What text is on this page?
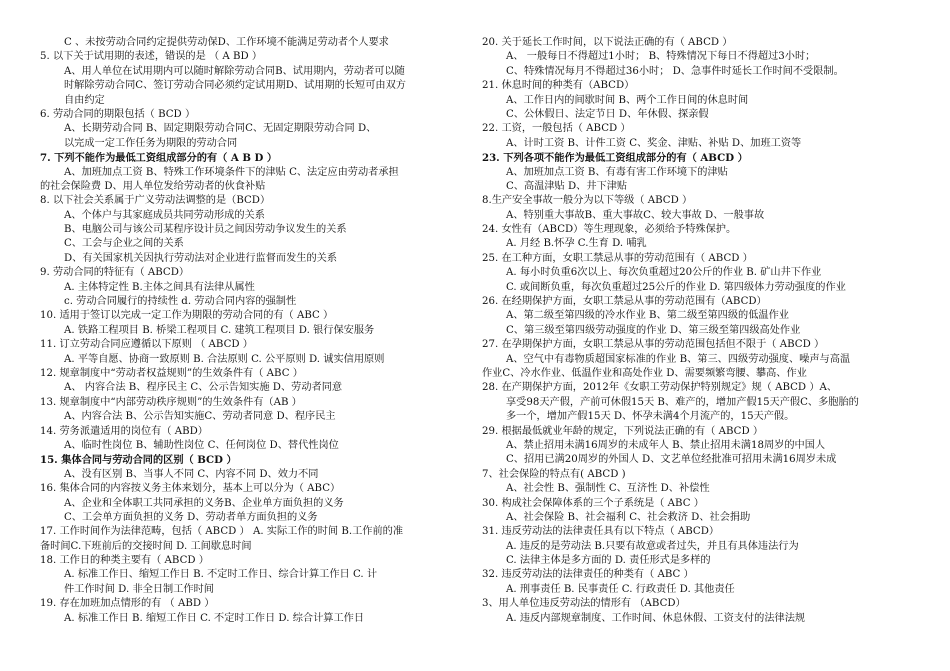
C 、未按劳动合同约定提供劳动保D、工作环境不能满足劳动者个人要求
5. 以下关于试用期的表述，错误的是 （ A BD ）
A、用人单位在试用期内可以随时解除劳动合同B、试用期内，劳动者可以随
时解除劳动合同C、签订劳动合同必须约定试用期D、试用期的长短可由双方
自由约定
6. 劳动合同的期限包括（ BCD ）
A、长期劳动合同 B、固定期限劳动合同C、无固定期限劳动合同 D、
以完成一定工作任务为期限的劳动合同
7. 下列不能作为最低工资组成部分的有（ A B D ）
A、加班加点工资 B、特殊工作环境条件下的津贴 C、法定应由劳动者承担
的社会保险费 D、用人单位发给劳动者的伙食补贴
8. 以下社会关系属于广义劳动法调整的是（BCD）
A、个体户与其家庭成员共同劳动形成的关系
B、电脑公司与该公司某程序设计员之间因劳动争议发生的关系
C、工会与企业之间的关系
D、有关国家机关因执行劳动法对企业进行监督而发生的关系
9. 劳动合同的特征有（ ABCD）
A. 主体特定性 B.主体之间具有法律从属性
c. 劳动合同履行的持续性 d. 劳动合同内容的强制性
10. 适用于签订以完成一定工作为期限的劳动合同的有（ ABC ）
A. 铁路工程项目 B. 桥梁工程项目 C. 建筑工程项目 D. 银行保安服务
11. 订立劳动合同应遵循以下原则 （ ABCD ）
A. 平等自愿、协商一致原则 B. 合法原则 C. 公平原则 D. 诚实信用原则
12. 规章制度中“劳动者权益规则”的生效条件有（ ABC ）
A、 内容合法 B、程序民主 C、公示告知实施 D、劳动者同意
13. 规章制度中“内部劳动秩序规则”的生效条件有（AB ）
A、内容合法 B、公示告知实施C、劳动者同意 D、程序民主
14. 劳务派遣适用的岗位有（ ABD）
A、临时性岗位 B、辅助性岗位 C、任何岗位 D、替代性岗位
15. 集体合同与劳动合同的区别（ BCD ）
A、没有区别 B、当事人不同 C、内容不同 D、效力不同
16. 集体合同的内容按义务主体来划分，基本上可以分为（ ABC）
A、企业和全体职工共同承担的义务B、企业单方面负担的义务
C、工会单方面负担的义务 D、劳动者单方面负担的义务
17. 工作时间作为法律范畴，包括（ ABCD ） A. 实际工作的时间 B.工作前的准
备时间C.下班前后的交接时间 D. 工间歇息时间
18. 工作日的种类主要有（ ABCD ）
A. 标准工作日、缩短工作日 B. 不定时工作日、综合计算工作日 C. 计
件工作时间 D. 非全日制工作时间
19. 存在加班加点情形的有 （ ABD ）
A. 标准工作日 B. 缩短工作日 C. 不定时工作日 D. 综合计算工作日
20. 关于延长工作时间，以下说法正确的有（ ABCD ）
A、 一般每日不得超过1小时； B、特殊情况下每日不得超过3小时；
C、特殊情况每月不得超过36小时； D、急事件时延长工作时间不受限制。
21. 休息时间的种类有（ABCD）
A、工作日内的间歇时间 B、两个工作日间的休息时间
C、公休假日、法定节日 D、年休假、探亲假
22. 工资，一般包括（ ABCD ）
A、计时工资 B、计件工资 C、奖金、津贴、补贴 D、加班工资等
23. 下列各项不能作为最低工资组成部分的有（ ABCD ）
A、加班加点工资 B、有毒有害工作环境下的津贴
C、高温津贴 D、井下津贴
8.生产安全事故一般分为以下等级（ ABCD ）
A、特别重大事故B、重大事故C、较大事故 D、一般事故
24. 女性有（ABCD）等生理现象，必须给予特殊保护。
A. 月经 B.怀孕 C.生育 D. 哺乳
25. 在工种方面，女职工禁忌从事的劳动范围有（ ABCD ）
A. 每小时负重6次以上、每次负重超过20公斤的作业 B. 矿山井下作业
C. 或间断负重，每次负重超过25公斤的作业 D. 第四级体力劳动强度的作业
26. 在经期保护方面，女职工禁忌从事的劳动范围有（ABCD）
A、第二级至第四级的冷水作业 B、第二级至第四级的低温作业
C、第三级至第四级劳动强度的作业 D、第三级至第四级高处作业
27. 在孕期保护方面，女职工禁忌从事的劳动范围包括但不限于（ ABCD ）
A、空气中有毒物质超国家标准的作业 B、第三、四级劳动强度、噪声与高温
作业C、冷水作业、低温作业和高处作业 D、需要频繁弯腰、攀高、作业
28. 在产期保护方面，2012年《女职工劳动保护特别规定》规（ ABCD ）A、
享受98天产假，产前可休假15天 B、难产的，增加产假15天产假C、多胞胎的
多一个，增加产假15天 D、怀孕未满4个月流产的，15天产假。
29. 根据最低就业年龄的规定，下列说法正确的有（ ABCD ）
A、禁止招用未满16周岁的未成年人 B、禁止招用未满18周岁的中国人
C、招用已满20周岁的外国人 D、文艺单位经批准可招用未满16周岁未成
7、社会保险的特点有( ABCD )
A、社会性 B、强制性 C、互济性 D、补偿性
30. 构成社会保障体系的三个子系统是（ ABC ）
A、社会保险 B、社会福利 C、社会救济 D、社会捐助
31. 违反劳动法的法律责任具有以下特点（ ABCD）
A. 违反的是劳动法 B.只要有故意或者过失，并且有具体违法行为
C. 法律主体是多方面的 D. 责任形式是多样的
32. 违反劳动法的法律责任的种类有（ ABC ）
A. 刑事责任 B. 民事责任 C. 行政责任 D. 其他责任
3、用人单位违反劳动法的情形有 （ABCD）
A. 违反内部规章制度、工作时间、休息休假、工资支付的法律法规
